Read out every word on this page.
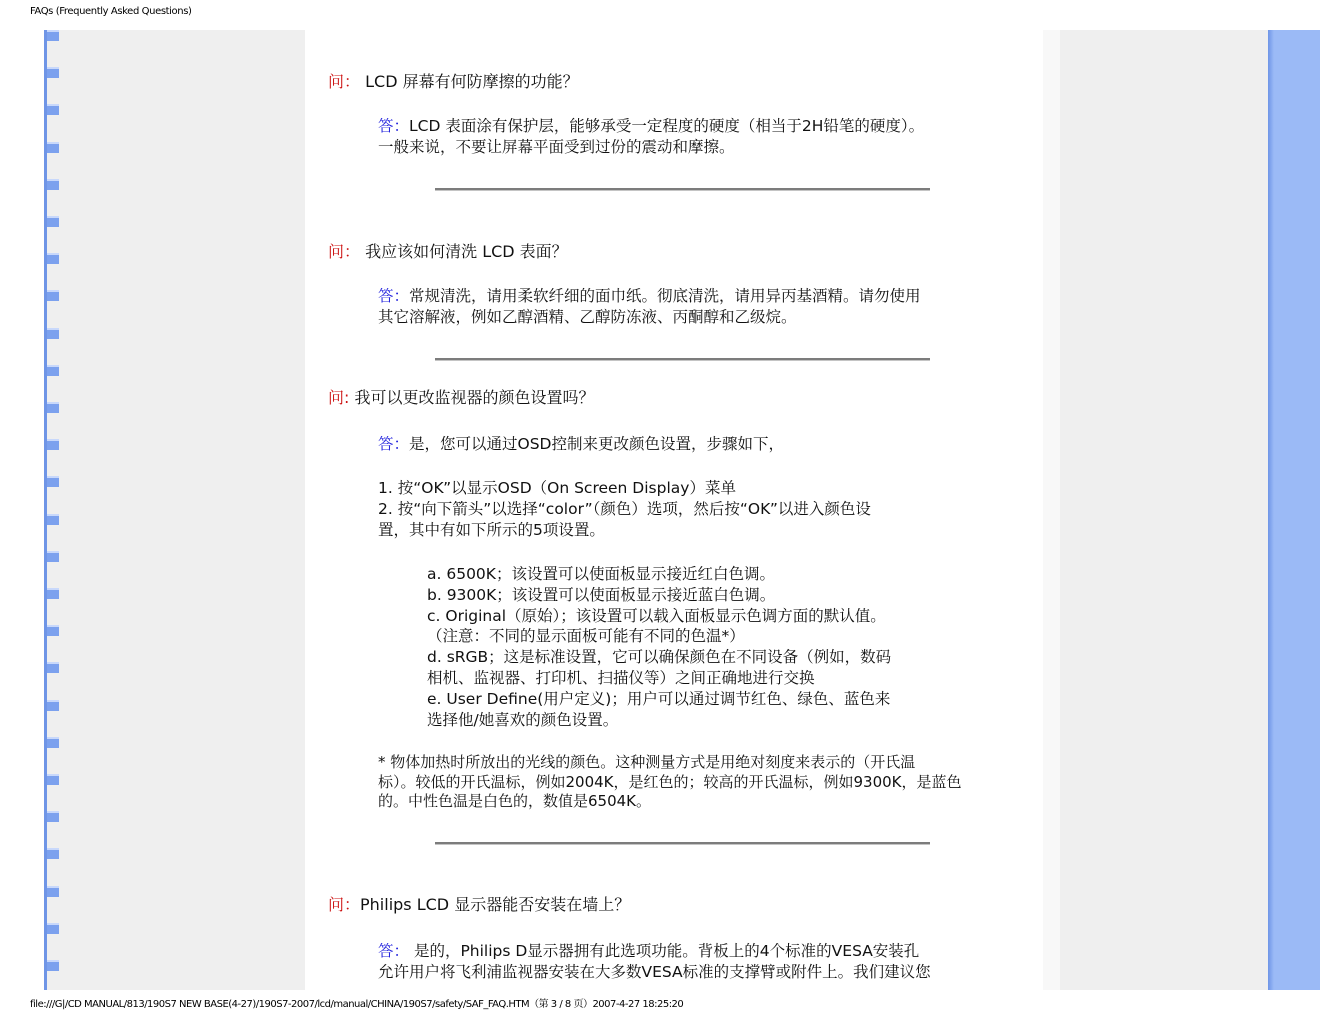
FAQs (Frequently Asked Questions)
问： LCD 屏幕有何防摩擦的功能？
答：LCD 表面涂有保护层，能够承受一定程度的硬度（相当于2H铅笔的硬度）。
一般来说，不要让屏幕平面受到过份的震动和摩擦。
问： 我应该如何清洗 LCD 表面？
答：常规清洗，请用柔软纤细的面巾纸。彻底清洗，请用异丙基酒精。请勿使用
其它溶解液，例如乙醇酒精、乙醇防冻液、丙酮醇和乙级烷。
问: 我可以更改监视器的颜色设置吗？
答：是，您可以通过OSD控制来更改颜色设置，步骤如下，
1. 按“OK”以显示OSD（On Screen Display）菜单
2. 按“向下箭头”以选择“color”（颜色）选项，然后按“OK”以进入颜色设
置，其中有如下所示的5项设置。
a. 6500K；该设置可以使面板显示接近红白色调。
b. 9300K；该设置可以使面板显示接近蓝白色调。
c. Original（原始）；该设置可以载入面板显示色调方面的默认值。
（注意：不同的显示面板可能有不同的色温*）
d. sRGB；这是标准设置，它可以确保颜色在不同设备（例如，数码
相机、监视器、打印机、扫描仪等）之间正确地进行交换
e. User Define(用户定义)；用户可以通过调节红色、绿色、蓝色来
选择他/她喜欢的颜色设置。
* 物体加热时所放出的光线的颜色。这种测量方式是用绝对刻度来表示的（开氏温
标）。较低的开氏温标，例如2004K，是红色的；较高的开氏温标，例如9300K，是蓝色
的。中性色温是白色的，数值是6504K。
问：Philips LCD 显示器能否安装在墙上？
答： 是的，Philips D显示器拥有此选项功能。背板上的4个标准的VESA安装孔
允许用户将飞利浦监视器安装在大多数VESA标准的支撑臂或附件上。我们建议您
file:///G|/CD MANUAL/813/190S7 NEW BASE(4-27)/190S7-2007/lcd/manual/CHINA/190S7/safety/SAF_FAQ.HTM（第 3 / 8 页）2007-4-27 18:25:20
